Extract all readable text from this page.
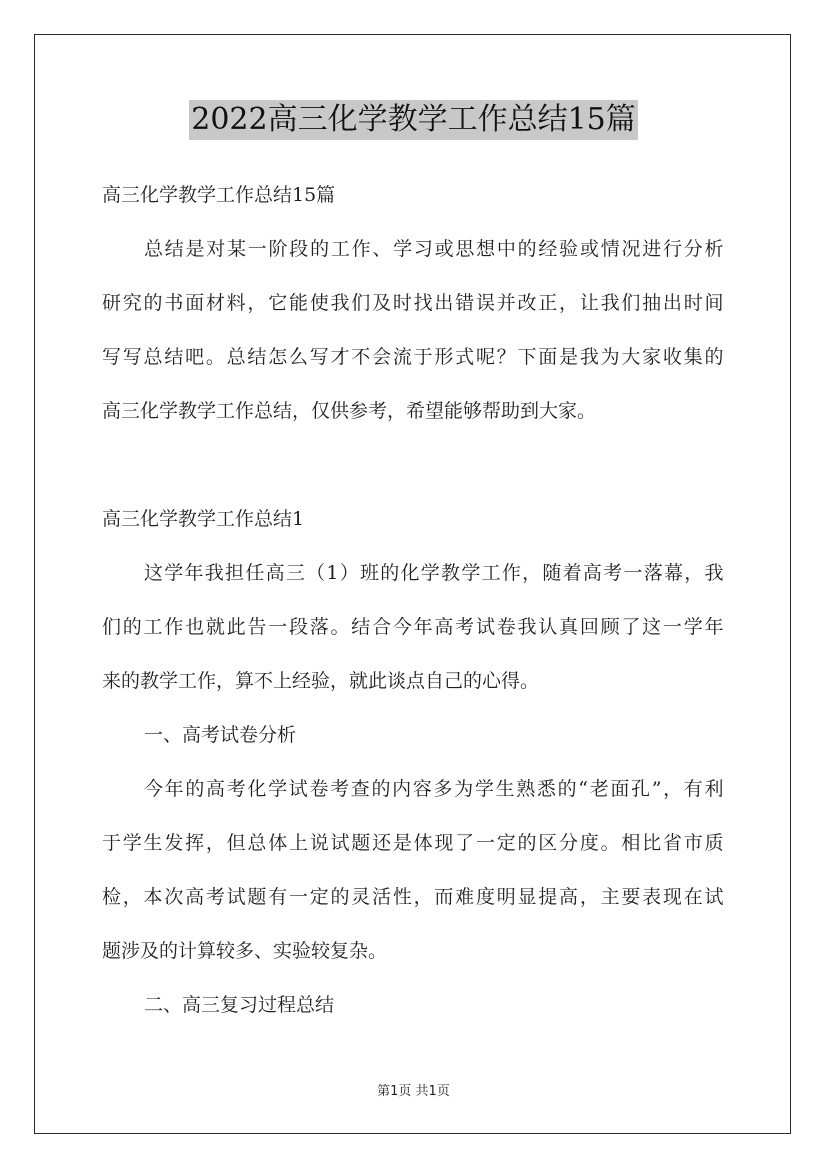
2022高三化学教学工作总结15篇
高三化学教学工作总结15篇
总结是对某一阶段的工作、学习或思想中的经验或情况进行分析
研究的书面材料，它能使我们及时找出错误并改正，让我们抽出时间
写写总结吧。总结怎么写才不会流于形式呢？下面是我为大家收集的
高三化学教学工作总结，仅供参考，希望能够帮助到大家。
高三化学教学工作总结1
这学年我担任高三（1）班的化学教学工作，随着高考一落幕，我
们的工作也就此告一段落。结合今年高考试卷我认真回顾了这一学年
来的教学工作，算不上经验，就此谈点自己的心得。
一、高考试卷分析
今年的高考化学试卷考查的内容多为学生熟悉的“老面孔”，有利
于学生发挥，但总体上说试题还是体现了一定的区分度。相比省市质
检，本次高考试题有一定的灵活性，而难度明显提高，主要表现在试
题涉及的计算较多、实验较复杂。
二、高三复习过程总结
第1页 共1页
